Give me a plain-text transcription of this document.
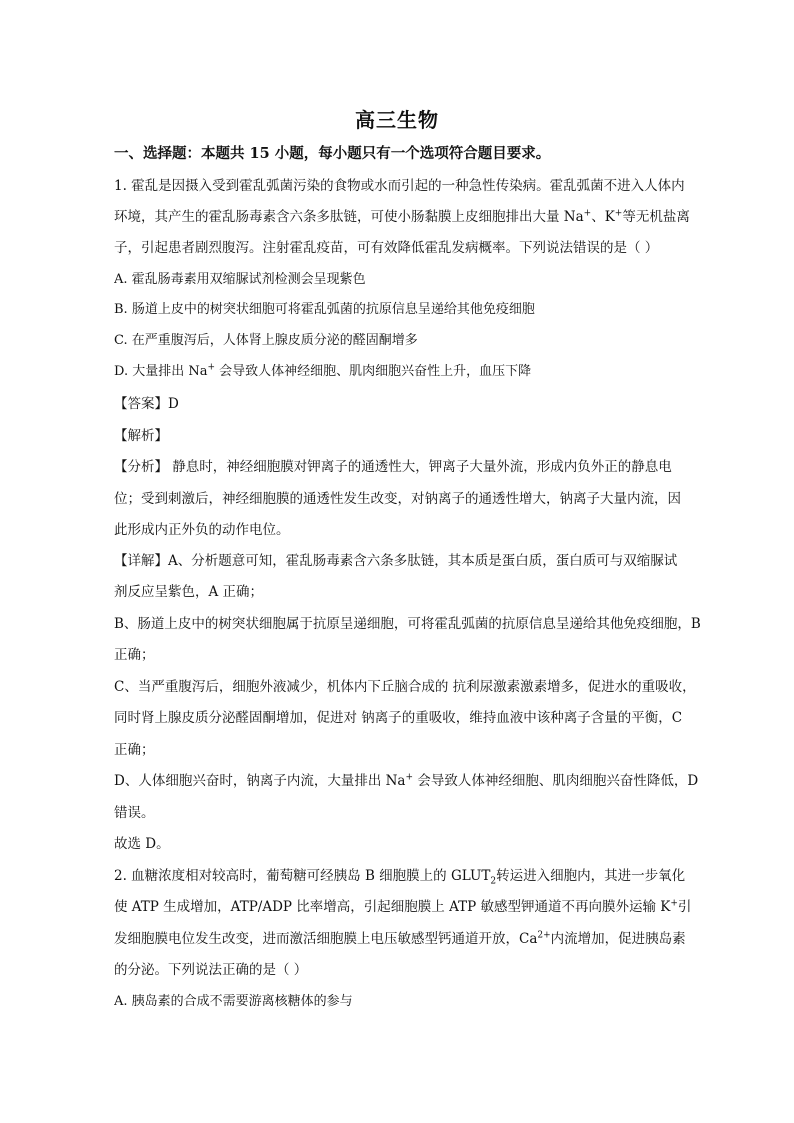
高三生物
一、选择题：本题共 15 小题，每小题只有一个选项符合题目要求。
1. 霍乱是因摄入受到霍乱弧菌污染的食物或水而引起的一种急性传染病。霍乱弧菌不进入人体内
环境，其产生的霍乱肠毒素含六条多肽链，可使小肠黏膜上皮细胞排出大量 Na+、K+等无机盐离
子，引起患者剧烈腹泻。注射霍乱疫苗，可有效降低霍乱发病概率。下列说法错误的是（ ）
A. 霍乱肠毒素用双缩脲试剂检测会呈现紫色
B. 肠道上皮中的树突状细胞可将霍乱弧菌的抗原信息呈递给其他免疫细胞
C. 在严重腹泻后，人体肾上腺皮质分泌的醛固酮增多
D. 大量排出 Na+ 会导致人体神经细胞、肌肉细胞兴奋性上升，血压下降
【答案】D
【解析】
【分析】 静息时，神经细胞膜对钾离子的通透性大，钾离子大量外流，形成内负外正的静息电
位；受到刺激后，神经细胞膜的通透性发生改变，对钠离子的通透性增大，钠离子大量内流，因
此形成内正外负的动作电位。
【详解】A、分析题意可知，霍乱肠毒素含六条多肽链，其本质是蛋白质，蛋白质可与双缩脲试
剂反应呈紫色，A 正确；
B、肠道上皮中的树突状细胞属于抗原呈递细胞，可将霍乱弧菌的抗原信息呈递给其他免疫细胞，B
正确；
C、当严重腹泻后，细胞外液减少，机体内下丘脑合成的 抗利尿激素激素增多，促进水的重吸收，
同时肾上腺皮质分泌醛固酮增加，促进对 钠离子的重吸收，维持血液中该种离子含量的平衡，C
正确；
D、人体细胞兴奋时，钠离子内流，大量排出 Na+ 会导致人体神经细胞、肌肉细胞兴奋性降低，D
错误。
故选 D。
2. 血糖浓度相对较高时，葡萄糖可经胰岛 B 细胞膜上的 $GLUT_2$转运进入细胞内，其进一步氧化
使 ATP 生成增加，ATP/ADP 比率增高，引起细胞膜上 ATP 敏感型钾通道不再向膜外运输 K+引
发细胞膜电位发生改变，进而激活细胞膜上电压敏感型钙通道开放，$Ca^{2+}$内流增加，促进胰岛素
的分泌。下列说法正确的是（ ）
A. 胰岛素的合成不需要游离核糖体的参与
